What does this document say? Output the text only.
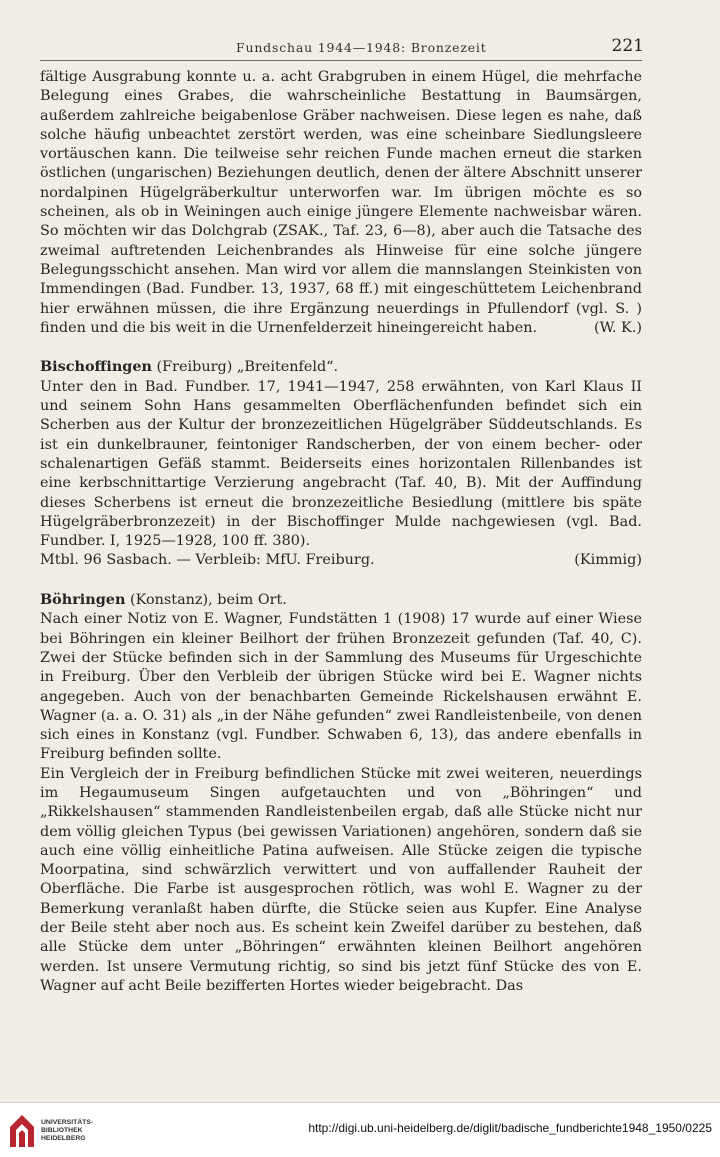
Fundschau 1944—1948: Bronzezeit	221

fältige Ausgrabung konnte u. a. acht Grabgruben in einem Hügel, die mehrfache Belegung eines Grabes, die wahrscheinliche Bestattung in Baumsärgen, außerdem zahlreiche beigabenlose Gräber nachweisen. Diese legen es nahe, daß solche häufig unbeachtet zerstört werden, was eine scheinbare Siedlungsleere vortäuschen kann. Die teilweise sehr reichen Funde machen erneut die starken östlichen (ungarischen) Beziehungen deutlich, denen der ältere Abschnitt unserer nordalpinen Hügelgräberkultur unterworfen war. Im übrigen möchte es so scheinen, als ob in Weiningen auch einige jüngere Elemente nachweisbar wären. So möchten wir das Dolchgrab (ZSAK., Taf. 23, 6—8), aber auch die Tatsache des zweimal auftretenden Leichenbrandes als Hinweise für eine solche jüngere Belegungsschicht ansehen. Man wird vor allem die mannslangen Steinkisten von Immendingen (Bad. Fundber. 13, 1937, 68 ff.) mit eingeschüttetem Leichenbrand hier erwähnen müssen, die ihre Ergänzung neuerdings in Pfullendorf (vgl. S. ) finden und die bis weit in die Urnenfelderzeit hineingereicht haben.	(W. K.)

Bischoffingen (Freiburg) „Breitenfeld“.

Unter den in Bad. Fundber. 17, 1941—1947, 258 erwähnten, von Karl Klaus II und seinem Sohn Hans gesammelten Oberflächenfunden befindet sich ein Scherben aus der Kultur der bronzezeitlichen Hügelgräber Süddeutschlands. Es ist ein dunkelbrauner, feintoniger Randscherben, der von einem becher- oder schalenartigen Gefäß stammt. Beiderseits eines horizontalen Rillenbandes ist eine kerbschnittartige Verzierung angebracht (Taf. 40, B). Mit der Auffindung dieses Scherbens ist erneut die bronzezeitliche Besiedlung (mittlere bis späte Hügelgräberbronzezeit) in der Bischoffinger Mulde nachgewiesen (vgl. Bad. Fundber. I, 1925—1928, 100 ff. 380).

Mtbl. 96 Sasbach. — Verbleib: MfU. Freiburg.	(Kimmig)

Böhringen (Konstanz), beim Ort.

Nach einer Notiz von E. Wagner, Fundstätten 1 (1908) 17 wurde auf einer Wiese bei Böhringen ein kleiner Beilhort der frühen Bronzezeit gefunden (Taf. 40, C). Zwei der Stücke befinden sich in der Sammlung des Museums für Urgeschichte in Freiburg. Über den Verbleib der übrigen Stücke wird bei E. Wagner nichts angegeben. Auch von der benachbarten Gemeinde Rickelshausen erwähnt E. Wagner (a. a. O. 31) als „in der Nähe gefunden“ zwei Randleistenbeile, von denen sich eines in Konstanz (vgl. Fundber. Schwaben 6, 13), das andere ebenfalls in Freiburg befinden sollte.

Ein Vergleich der in Freiburg befindlichen Stücke mit zwei weiteren, neuerdings im Hegaumuseum Singen aufgetauchten und von „Böhringen“ und „Rikkelshausen“ stammenden Randleistenbeilen ergab, daß alle Stücke nicht nur dem völlig gleichen Typus (bei gewissen Variationen) angehören, sondern daß sie auch eine völlig einheitliche Patina aufweisen. Alle Stücke zeigen die typische Moorpatina, sind schwärzlich verwittert und von auffallender Rauheit der Oberfläche. Die Farbe ist ausgesprochen rötlich, was wohl E. Wagner zu der Bemerkung veranlaßt haben dürfte, die Stücke seien aus Kupfer. Eine Analyse der Beile steht aber noch aus. Es scheint kein Zweifel darüber zu bestehen, daß alle Stücke dem unter „Böhringen“ erwähnten kleinen Beilhort angehören werden. Ist unsere Vermutung richtig, so sind bis jetzt fünf Stücke des von E. Wagner auf acht Beile bezifferten Hortes wieder beigebracht. Das

UNIVERSITÄTS-
BIBLIOTHEK
HEIDELBERG
http://digi.ub.uni-heidelberg.de/diglit/badische_fundberichte1948_1950/0225
